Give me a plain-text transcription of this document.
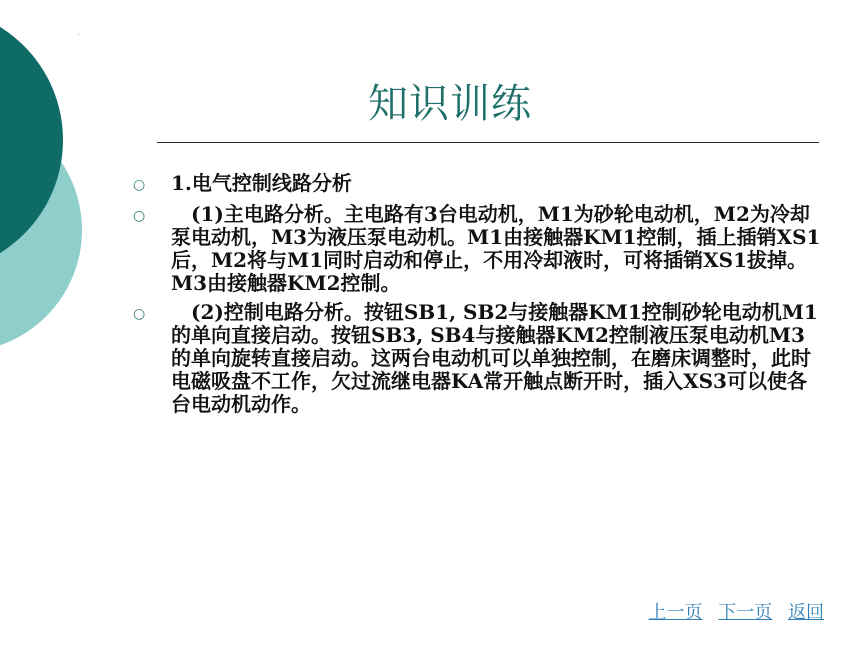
.
知识训练
○	1.电气控制线路分析
○	(1)主电路分析。主电路有3台电动机，M1为砂轮电动机，M2为冷却泵电动机，M3为液压泵电动机。M1由接触器KM1控制，插上插销XS1后，M2将与M1同时启动和停止，不用冷却液时，可将插销XS1拔掉。M3由接触器KM2控制。
○	(2)控制电路分析。按钮SB1, SB2与接触器KM1控制砂轮电动机M1的单向直接启动。按钮SB3, SB4与接触器KM2控制液压泵电动机M3的单向旋转直接启动。这两台电动机可以单独控制，在磨床调整时，此时电磁吸盘不工作，欠过流继电器KA常开触点断开时，插入XS3可以使各台电动机动作。
上一页 下一页 返回
